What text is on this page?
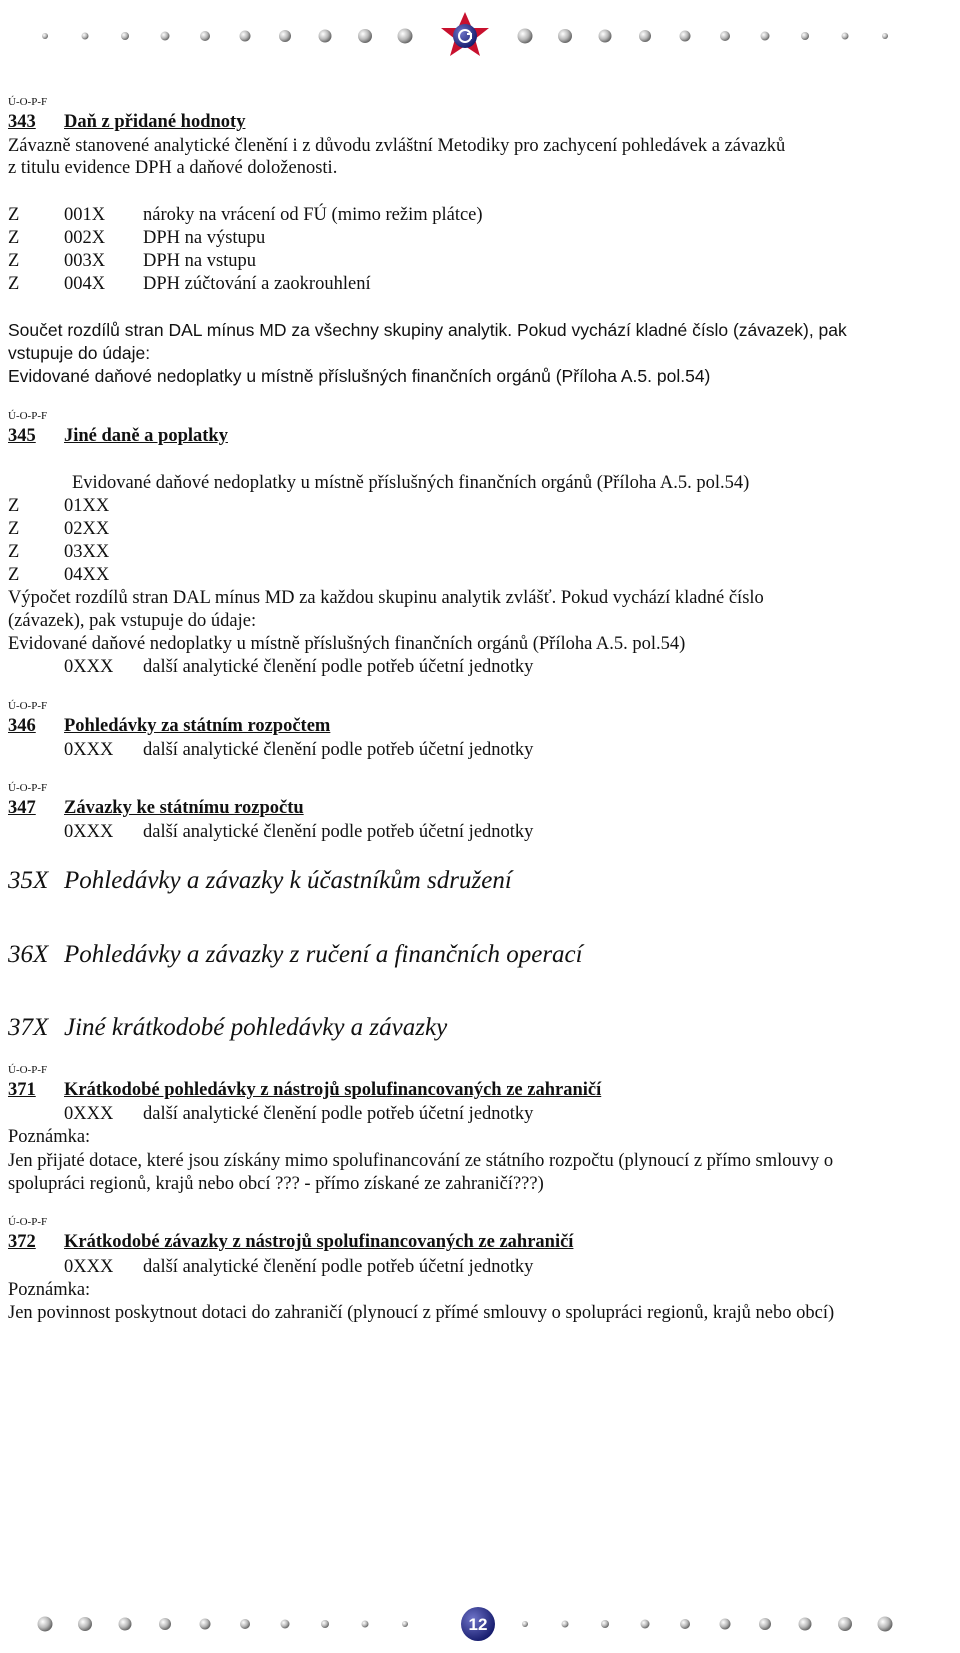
Ú-O-P-F
343 Daň z přidané hodnoty
Závazně stanovené analytické členění i z důvodu zvláštní Metodiky pro zachycení pohledávek a závazků
z titulu evidence DPH a daňové doloženosti.
Z 001X nároky na vrácení od FÚ (mimo režim plátce)
Z 002X DPH na výstupu
Z 003X DPH na vstupu
Z 004X DPH zúčtování a zaokrouhlení
Součet rozdílů stran DAL mínus MD za všechny skupiny analytik. Pokud vychází kladné číslo (závazek), pak
vstupuje do údaje:
Evidované daňové nedoplatky u místně příslušných finančních orgánů (Příloha A.5. pol.54)
Ú-O-P-F
345 Jiné daně a poplatky
Evidované daňové nedoplatky u místně příslušných finančních orgánů (Příloha A.5. pol.54)
Z 01XX
Z 02XX
Z 03XX
Z 04XX
Výpočet rozdílů stran DAL mínus MD za každou skupinu analytik zvlášť. Pokud vychází kladné číslo
(závazek), pak vstupuje do údaje:
Evidované daňové nedoplatky u místně příslušných finančních orgánů (Příloha A.5. pol.54)
0XXX další analytické členění podle potřeb účetní jednotky
Ú-O-P-F
346 Pohledávky za státním rozpočtem
0XXX další analytické členění podle potřeb účetní jednotky
Ú-O-P-F
347 Závazky ke státnímu rozpočtu
0XXX další analytické členění podle potřeb účetní jednotky
35X Pohledávky a závazky k účastníkům sdružení
36X Pohledávky a závazky z ručení a finančních operací
37X Jiné krátkodobé pohledávky a závazky
Ú-O-P-F
371 Krátkodobé pohledávky z nástrojů spolufinancovaných ze zahraničí
0XXX další analytické členění podle potřeb účetní jednotky
Poznámka:
Jen přijaté dotace, které jsou získány mimo spolufinancování ze státního rozpočtu (plynoucí z přímo smlouvy o
spolupráci regionů, krajů nebo obcí ??? - přímo získané ze zahraničí???)
Ú-O-P-F
372 Krátkodobé závazky z nástrojů spolufinancovaných ze zahraničí
0XXX další analytické členění podle potřeb účetní jednotky
Poznámka:
Jen povinnost poskytnout dotaci do zahraničí (plynoucí z přímé smlouvy o spolupráci regionů, krajů nebo obcí)
12
